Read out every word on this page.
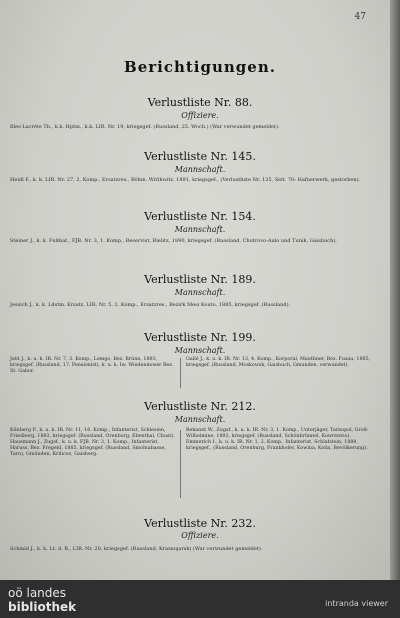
47
Berichtigungen.
Verlustliste Nr. 88.
Offiziere.
Illes-Lacréte Th., k.k. Hptm., k.k. LIR. Nr. 19, kriegsgef. (Russland, 25. Woch.) (War verwundet gemeldet).
Verlustliste Nr. 145.
Mannschaft.
Heidl F., k. k. LIR. Nr. 27, 2. Komp., Ersatzres., Böhm. Wittkwitz, 1891, kriegsgef., (Verlustliste Nr. 135, Selt. 70: Hafnerwerk, gestorben).
Verlustliste Nr. 154.
Mannschaft.
Steiner J., k. k. Fußbat., FJB. Nr. 3, 1. Komp., Reservist, Bielitz, 1890, kriegsgef. (Russland, Chutrovo-Aulo und Tunik, Gaisbuch).
Verlustliste Nr. 189.
Mannschaft.
Jessich J., k. k. Ldstm. Ersatz, LIR. Nr. 5, 2. Komp., Ersatzres., Bezirk Mesi Kouto, 1885, kriegsgef. (Russland).
Verlustliste Nr. 199.
Mannschaft.
Jelit J., k. u. k. IR. Nr. 7, 3. Komp., Lemgo, Bez. Brünn, 1893, kriegsgef. (Russland, 17. Pensionist), k. u. k. Iw. Wiedenmoser Bez. St. Gabor.
Gallé J., k. u. k. IR. Nr. 13, 4. Komp., Korporal, Mauthner, Bez. Fusau, 1885, kriegsgef. (Russland, Moskowsk, Gaisbuch, Gmunden, verwundet).
Verlustliste Nr. 212.
Mannschaft.
Kilnberg P., k. u. k. IR. Nr. 11, 16. Komp., Infanterist, Schlesien, Friedberg, 1893, kriegsgef. (Russland, Orenburg, Ebenthal, Chust). Hausmann J., Zugsf., k. u. k. FJB. Nr. 3, 1. Komp., Infanterist, Haruss, Bez. Fregeld, 1885, kriegsgef. (Russland, Smolnabasse, Tarn), Gmünden, Krilicoz, Gaisberg.
Bekannt W., Zugsf., k. u. k. IR. Nr. 3, 1. Komp., Unterjäger, Tarnopol, Groß-Wilhelmine, 1892, kriegsgef. (Russland, Schönbrünnel, Kowrentso). Emmerich I., k. u. k. IR. Nr. 1, 2. Komp., Infanterist, Schlafstein, 1889, kriegsgef., (Russland, Orenburg, Frankhofer, Kowina, Kolin, Bevölkerung).
Verlustliste Nr. 232.
Offiziere.
Schmid J., k. k. Lt. d. R., LIR. Nr. 20, kriegsgef. (Russland, Krasnojarsk) (War verwundet gemeldet).
oö landes
bibliothek	intranda viewer
